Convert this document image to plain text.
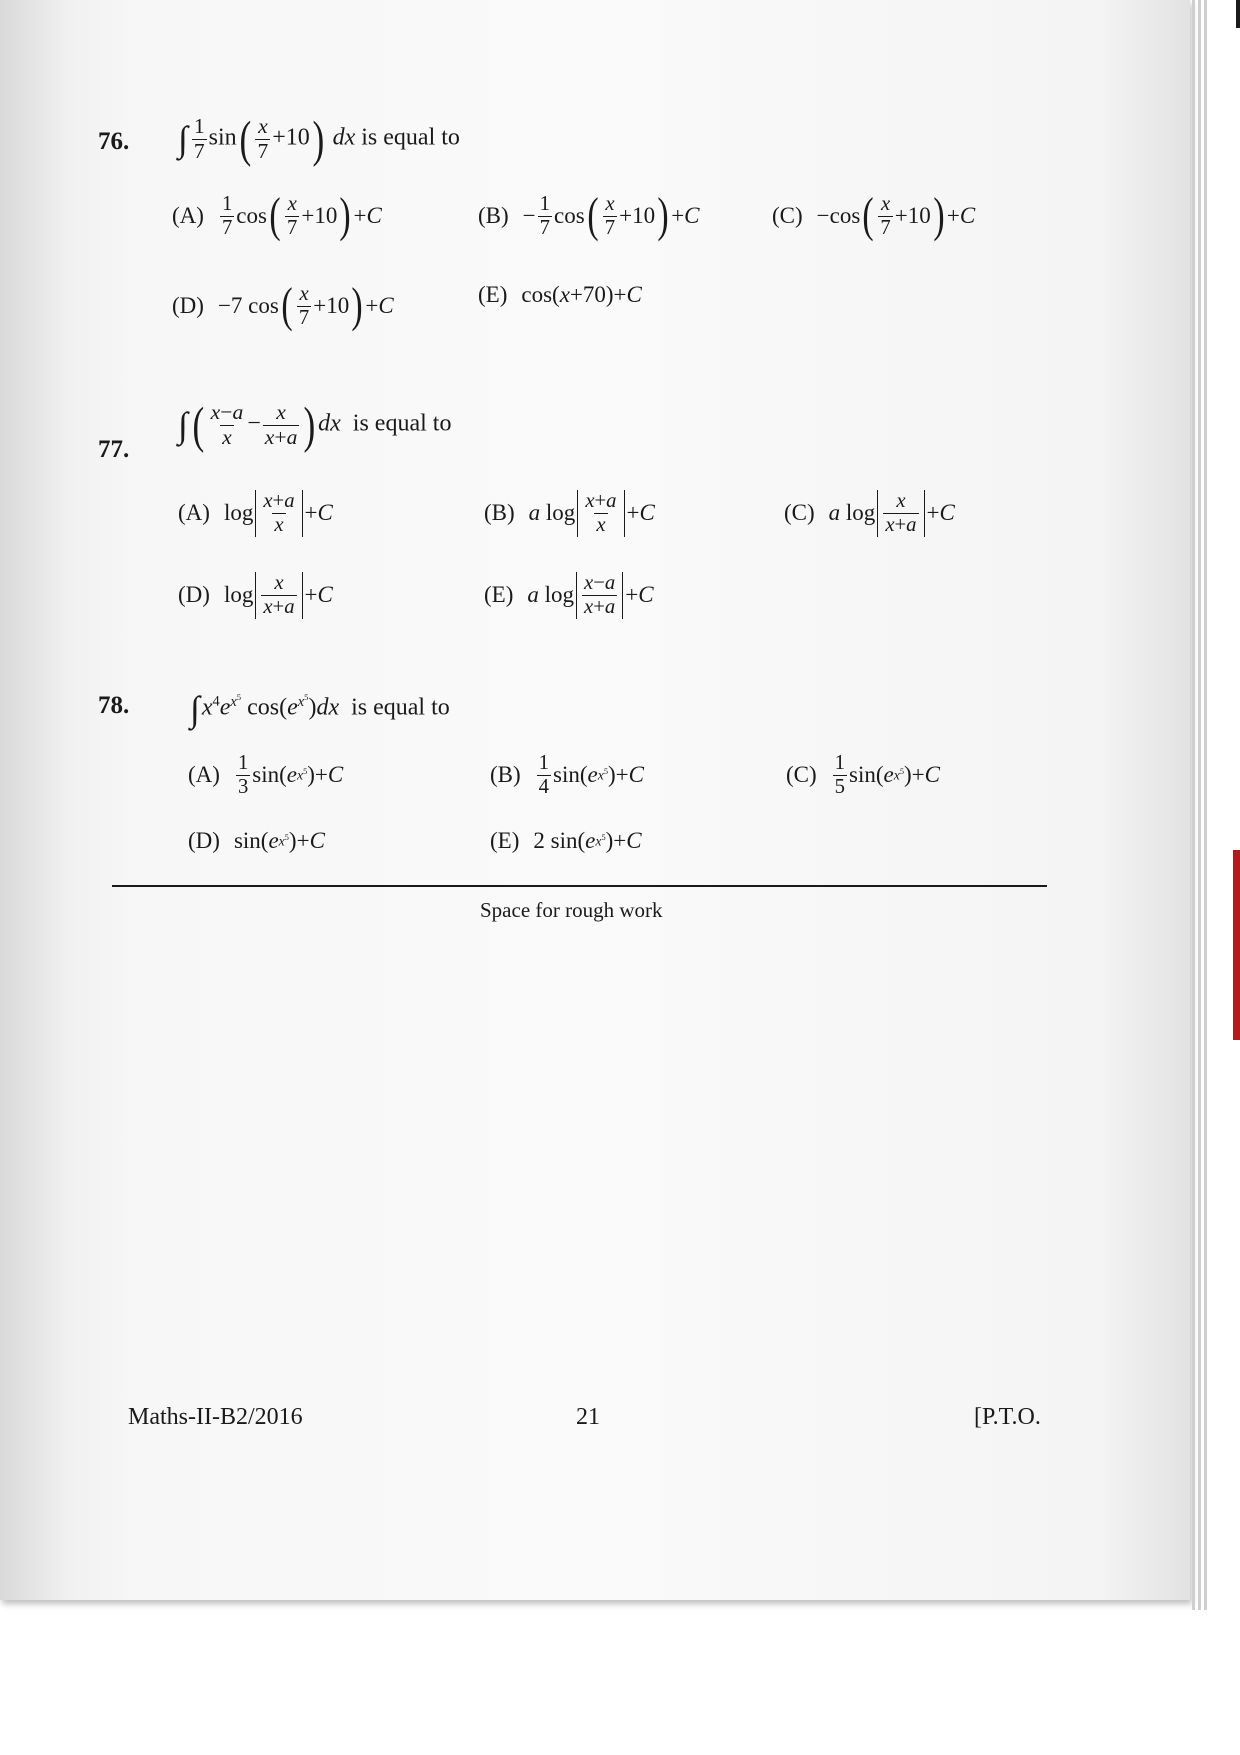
76. ∫ $\frac{1}{7} \sin( \frac{x}{7} +10)$ dx is equal to
$(A) \frac{1}{7}$ cos ( $\frac{x}{7} +10$ ) + C	$(B) - \frac{1}{7}$ cos ( $\frac{x}{7} +10$ ) + C	(C) −cos ( $\frac{x}{7} +10$ ) + C
(D) −7 cos ( $\frac{x}{7} +10$ ) + C	(E) cos( x +70)+ C
77.
∫( $\frac{x-a}{x} - \frac{x}{x+a}$ ) dx is equal to
(A) $\log \frac{x+a}{x} + C$	(B) a $\log \frac{x+a}{x} + C$	(C) a $\log \frac{x}{x+a} + C$
(D) $\log \frac{x}{x+a} + C$	(E) a $\log \frac{x-a}{x+a} + C$
78. $\int x^4e^{x^5}$ $\cos(e^{x^5})dx$ is equal to
$(A) \frac{1}{3} \sin$( e $x^5$ )+ C	$(B) \frac{1}{4} \sin$( e $x^5$ )+ C	$(C) \frac{1}{5} \sin$( e $x^5$ )+ C
(D) sin( e $x^5$ )+ C	(E) 2 sin( e $x^5$ )+ C
Space for rough work
Maths-II-B2/2016	21	[P.T.O.
